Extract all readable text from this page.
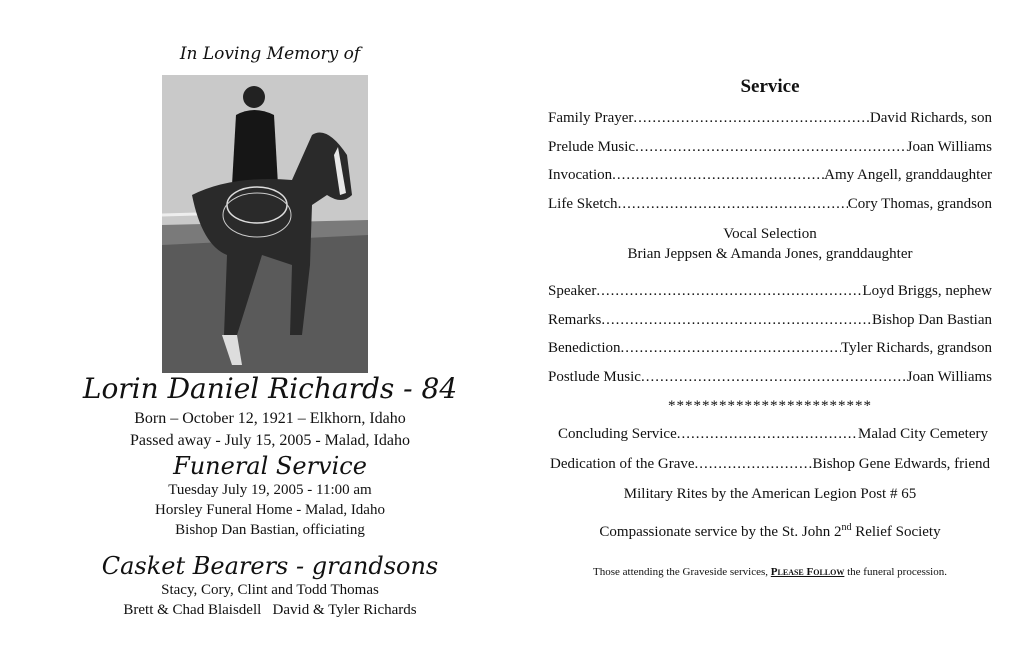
In Loving Memory of
Lorin Daniel Richards - 84
Born – October 12, 1921 – Elkhorn, Idaho
Passed away - July 15, 2005 - Malad, Idaho
Funeral Service
Tuesday July 19, 2005 - 11:00 am
Horsley Funeral Home - Malad, Idaho
Bishop Dan Bastian, officiating
Casket Bearers - grandsons
Stacy, Cory, Clint and Todd Thomas
Brett & Chad Blaisdell   David & Tyler Richards
Service
Family Prayer .....	David Richards, son
Prelude Music .....	Joan Williams
Invocation .....	Amy Angell, granddaughter
Life Sketch .....	Cory Thomas, grandson
Vocal Selection
Brian Jeppsen & Amanda Jones, granddaughter
Speaker .....	Loyd Briggs, nephew
Remarks .....	Bishop Dan Bastian
Benediction .....	Tyler Richards, grandson
Postlude Music .....	Joan Williams
************************
Concluding Service .....	Malad City Cemetery
Dedication of the Grave .....	Bishop Gene Edwards, friend
Military Rites by the American Legion Post # 65
Compassionate service by the St. John 2nd Relief Society
Those attending the Graveside services, Please Follow the funeral procession.
